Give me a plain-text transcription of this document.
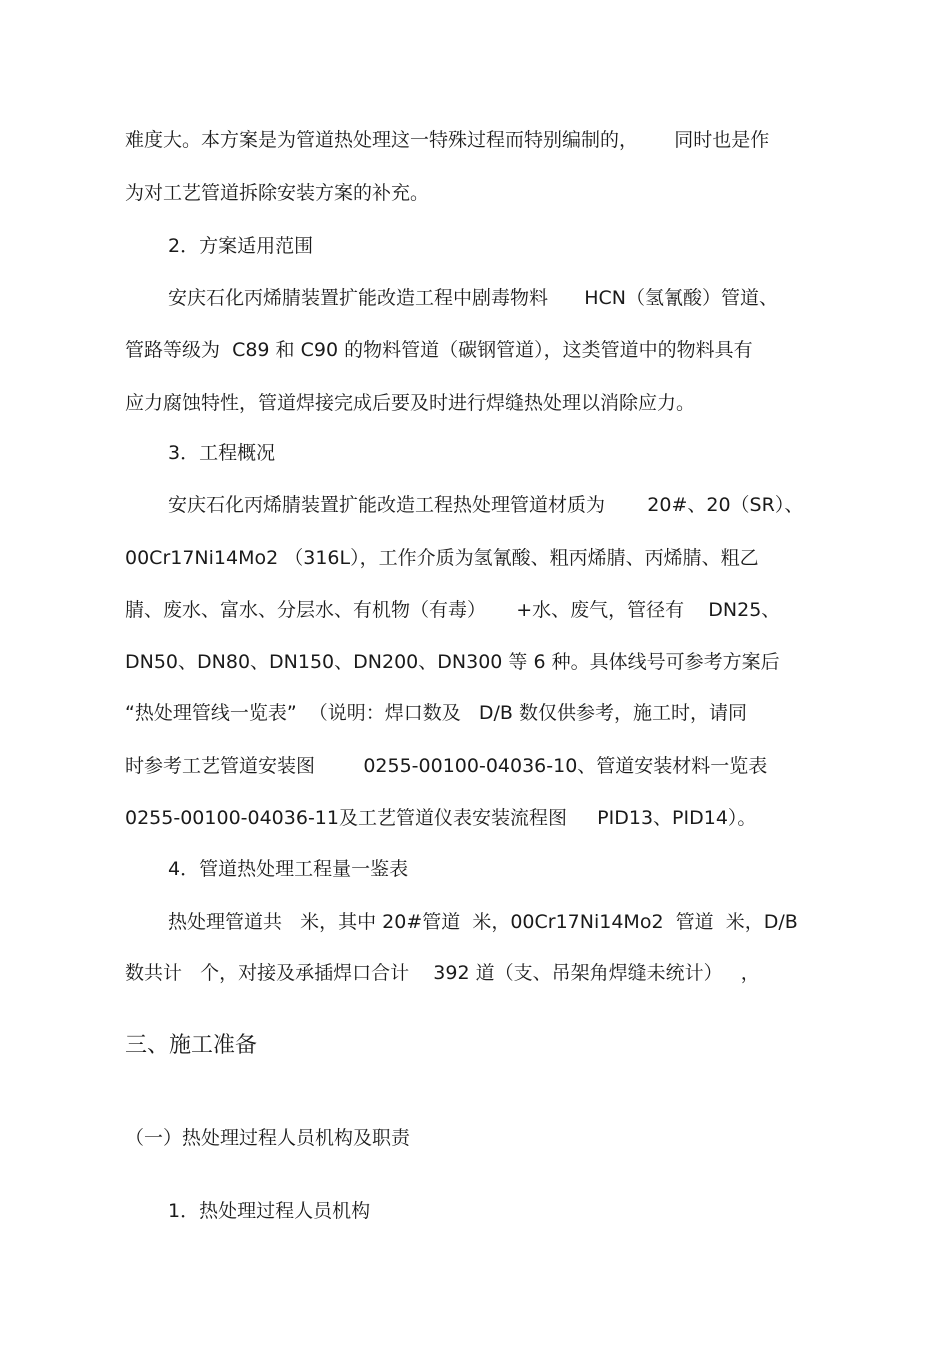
难度大。本方案是为管道热处理这一特殊过程而特别编制的，      同时也是作
为对工艺管道拆除安装方案的补充。
2．方案适用范围
安庆石化丙烯腈装置扩能改造工程中剧毒物料      HCN（氢氰酸）管道、
管路等级为  C89 和 C90 的物料管道（碳钢管道），这类管道中的物料具有
应力腐蚀特性，管道焊接完成后要及时进行焊缝热处理以消除应力。
3．工程概况
安庆石化丙烯腈装置扩能改造工程热处理管道材质为       20#、20（SR）、
00Cr17Ni14Mo2 （316L），工作介质为氢氰酸、粗丙烯腈、丙烯腈、粗乙
腈、废水、富水、分层水、有机物（有毒）     +水、废气，管径有    DN25、
DN50、DN80、DN150、DN200、DN300 等 6 种。具体线号可参考方案后
“热处理管线一览表”  （说明：焊口数及   D/B 数仅供参考，施工时，请同
时参考工艺管道安装图        0255-00100-04036-10、管道安装材料一览表
0255-00100-04036-11及工艺管道仪表安装流程图     PID13、PID14）。
4．管道热处理工程量一鉴表
热处理管道共   米，其中 20#管道  米，00Cr17Ni14Mo2  管道  米，D/B
数共计   个，对接及承插焊口合计    392 道（支、吊架角焊缝未统计）   ，
三、施工准备
（一）热处理过程人员机构及职责
1．热处理过程人员机构
